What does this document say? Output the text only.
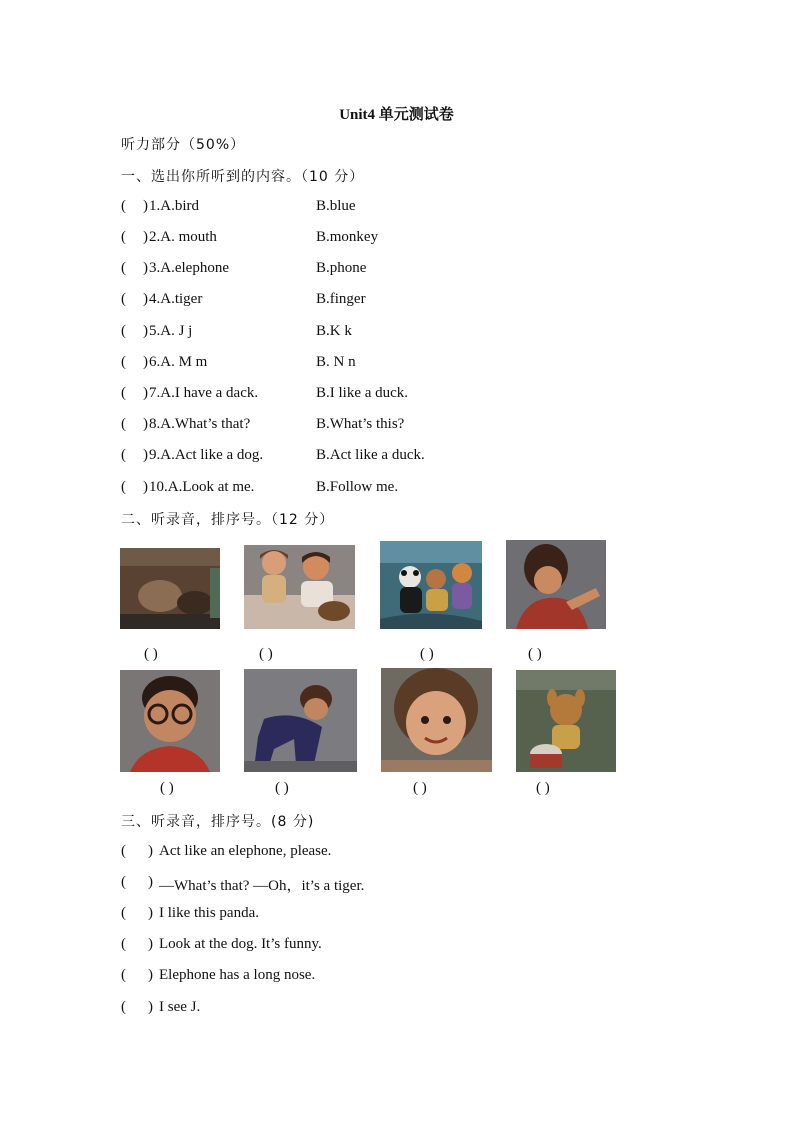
Unit4 单元测试卷
听力部分（50%）
一、选出你所听到的内容。（10 分）
( ) 1.A.bird	B.blue
( ) 2.A. mouth	B.monkey
( ) 3.A.elephone	B.phone
( ) 4.A.tiger	B.finger
( ) 5.A. J j	B.K k
( ) 6.A. M m	B. N n
( ) 7.A.I have a dack.	B.I like a duck.
( ) 8.A.What’s that?	B.What’s this?
( ) 9.A.Act like a dog.	B.Act like a duck.
( ) 10.A.Look at me.	B.Follow me.
二、听录音，排序号。（12 分）
( )	( )	( )	( )
( )	( )	( )	( )
三、听录音，排序号。(8 分)
( ) Act like an elephone, please.
( ) —What’s that? —Oh，it’s a tiger.
( ) I like this panda.
( ) Look at the dog. It’s funny.
( ) Elephone has a long nose.
( ) I see J.
